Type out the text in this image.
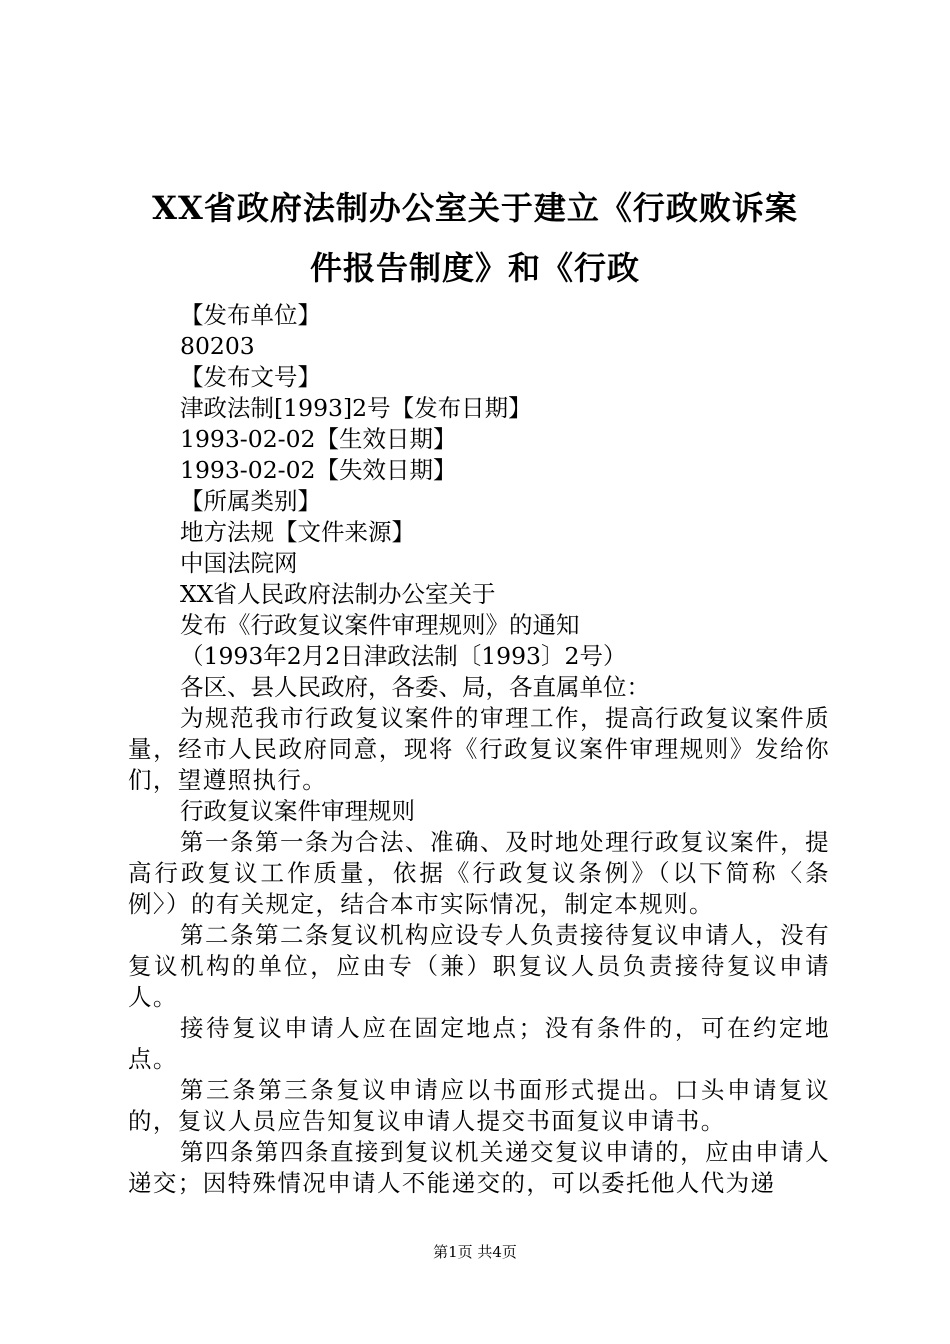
XX省政府法制办公室关于建立《行政败诉案
件报告制度》和《行政
【发布单位】
80203
【发布文号】
津政法制[1993]2号【发布日期】
1993-02-02【生效日期】
1993-02-02【失效日期】
【所属类别】
地方法规【文件来源】
中国法院网
XX省人民政府法制办公室关于
发布《行政复议案件审理规则》的通知
（1993年2月2日津政法制〔1993〕2号）
各区、县人民政府，各委、局，各直属单位：
为规范我市行政复议案件的审理工作，提高行政复议案件质量，经市人民政府同意，现将《行政复议案件审理规则》发给你们，望遵照执行。
行政复议案件审理规则
第一条第一条为合法、准确、及时地处理行政复议案件，提高行政复议工作质量，依据《行政复议条例》（以下简称〈条例〉）的有关规定，结合本市实际情况，制定本规则。
第二条第二条复议机构应设专人负责接待复议申请人，没有复议机构的单位，应由专（兼）职复议人员负责接待复议申请人。
接待复议申请人应在固定地点；没有条件的，可在约定地点。
第三条第三条复议申请应以书面形式提出。口头申请复议的，复议人员应告知复议申请人提交书面复议申请书。
第四条第四条直接到复议机关递交复议申请的，应由申请人递交；因特殊情况申请人不能递交的，可以委托他人代为递
第1页 共4页
